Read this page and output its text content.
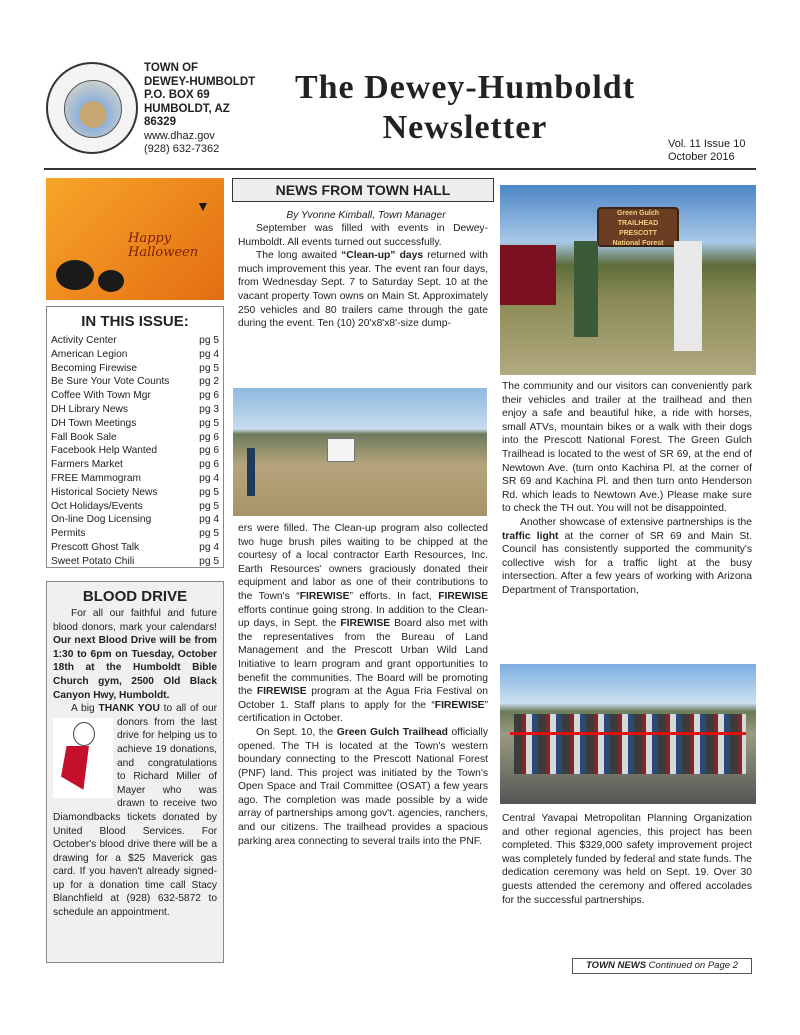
TOWN OF
DEWEY-HUMBOLDT
P.O. BOX 69
HUMBOLDT, AZ
86329
www.dhaz.gov
(928) 632-7362
The Dewey-Humboldt
Newsletter	Vol. 11 Issue 10
October 2016
▼
Happy
Halloween
IN THIS ISSUE:
Activity Center	pg 5
American Legion	pg 4
Becoming Firewise	pg 5
Be Sure Your Vote Counts	pg 2
Coffee With Town Mgr	pg 6
DH Library News	pg 3
DH Town Meetings	pg 5
Fall Book Sale	pg 6
Facebook Help Wanted	pg 6
Farmers Market	pg 6
FREE Mammogram	pg 4
Historical Society News	pg 5
Oct Holidays/Events	pg 5
On-line Dog Licensing	pg 4
Permits	pg 5
Prescott Ghost Talk	pg 4
Sweet Potato Chili	pg 5
BLOOD DRIVE

For all our faithful and future blood donors, mark your calendars! Our next Blood Drive will be from 1:30 to 6pm on Tuesday, October 18th at the Humboldt Bible Church gym, 2500 Old Black Canyon Hwy, Humboldt.

A big THANK YOU
to all of our donors from the last drive for helping us to achieve 19 donations, and congratulations to Richard Miller of Mayer who was drawn to receive two Diamondbacks tickets donated by United Blood Services. For October's blood drive there will be a drawing for a $25 Maverick gas card. If you haven't already signed-up for a donation time call Stacy Blanchfield at (928) 632-5872 to schedule an appointment.

NEWS FROM TOWN HALL
By Yvonne Kimball, Town Manager

September was filled with events in Dewey-Humboldt. All events turned out successfully.

The long awaited “Clean-up” days returned with much improvement this year. The event ran four days, from Wednesday Sept. 7 to Saturday Sept. 10 at the vacant property Town owns on Main St. Approximately 250 vehicles and 80 trailers came through the gate during the event. Ten (10) 20'x8'x8'-size dump-

ers were filled. The Clean-up program also collected two huge brush piles waiting to be chipped at the courtesy of a local contractor Earth Resources, Inc. Earth Resources' owners graciously donated their equipment and labor as one of their contributions to the Town's “FIREWISE” efforts. In fact, FIREWISE efforts continue going strong. In addition to the Clean-up days, in Sept. the FIREWISE Board also met with the representatives from the Bureau of Land Management and the Prescott Urban Wild Land Initiative to learn program and grant opportunities to benefit the communities. The Board will be promoting the FIREWISE program at the Agua Fria Festival on October 1. Staff plans to apply for the “FIREWISE” certification in October.

On Sept. 10, the Green Gulch Trailhead officially opened. The TH is located at the Town's western boundary connecting to the Prescott National Forest (PNF) land. This project was initiated by the Town's Open Space and Trail Committee (OSAT) a few years ago. The completion was made possible by a wide array of partnerships among gov't. agencies, ranchers, and our citizens. The trailhead provides a spacious parking area connecting to several trails into the PNF.

Green Gulch
TRAILHEAD
PRESCOTT
National Forest

The community and our visitors can conveniently park their vehicles and trailer at the trailhead and then enjoy a safe and beautiful hike, a ride with horses, small ATVs, mountain bikes or a walk with their dogs into the Prescott National Forest. The Green Gulch Trailhead is located to the west of SR 69, at the end of Newtown Ave. (turn onto Kachina Pl. at the corner of SR 69 and Kachina Pl. and then turn onto Henderson Rd. which leads to Newtown Ave.) Please make sure to check the TH out. You will not be disappointed.

Another showcase of extensive partnerships is the traffic light at the corner of SR 69 and Main St. Council has consistently supported the community's collective wish for a traffic light at the busy intersection. After a few years of working with Arizona Department of Transportation,

Central Yavapai Metropolitan Planning Organization and other regional agencies, this project has been completed. This $329,000 safety improvement project was completely funded by federal and state funds. The dedication ceremony was held on Sept. 19. Over 30 guests attended the ceremony and offered accolades for the successful partnerships.

TOWN NEWS Continued on Page 2
